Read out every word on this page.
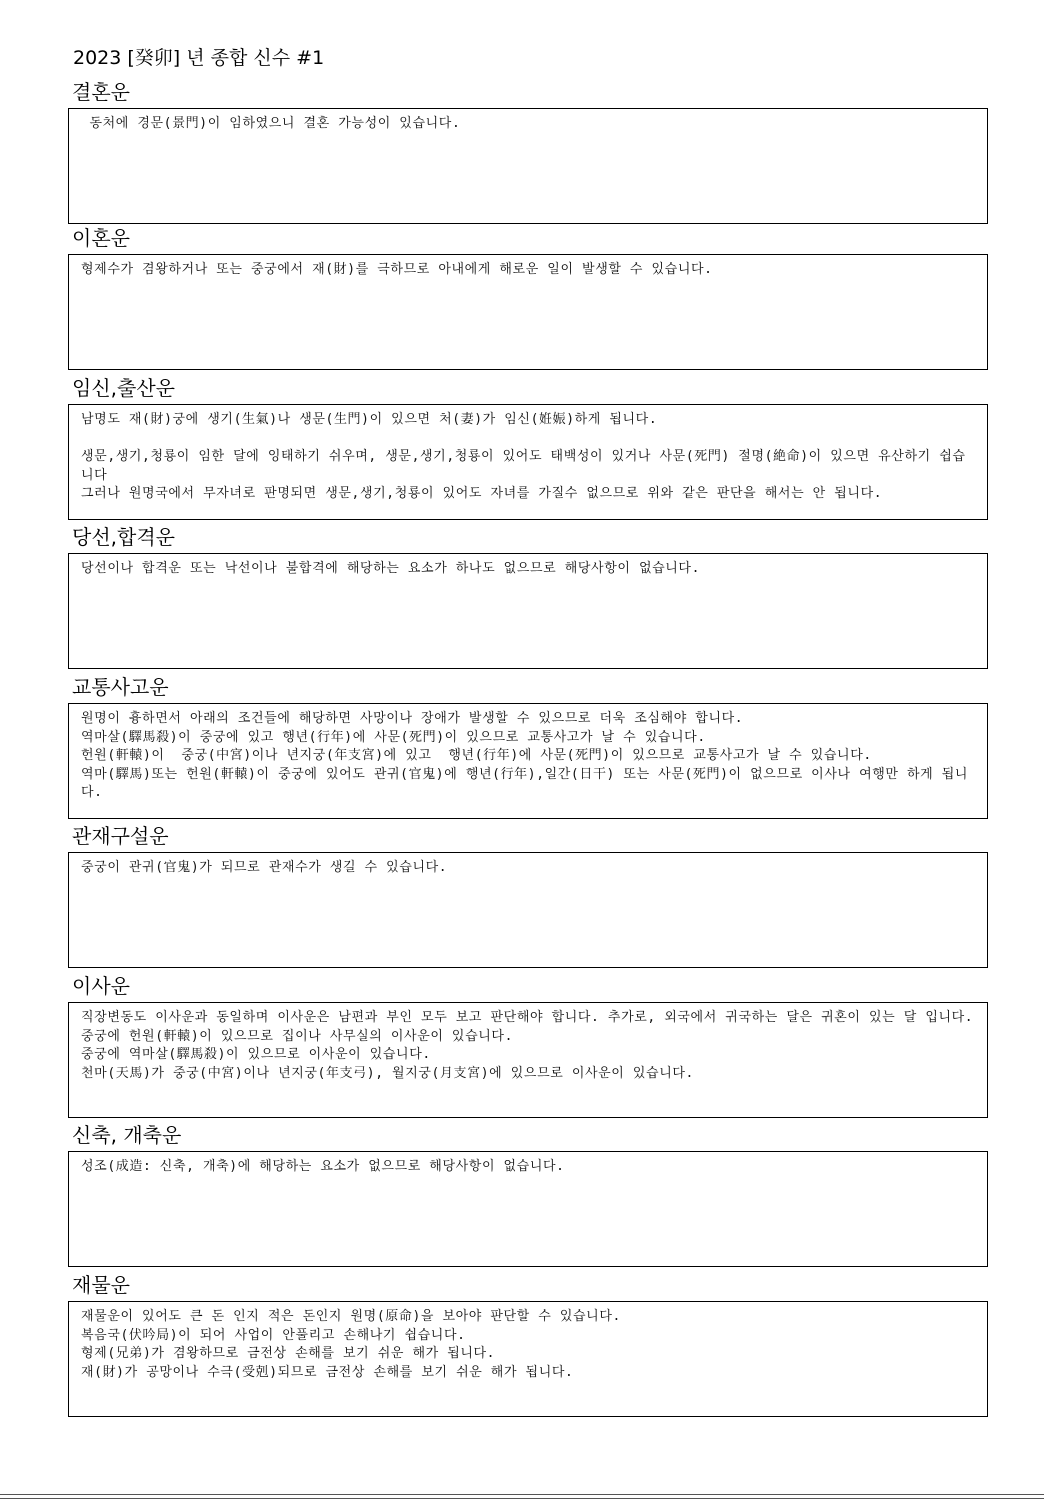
2023 [癸卯] 년 종합 신수 #1
결혼운
동처에 경문(景門)이 임하였으니 결혼 가능성이 있습니다.
이혼운
형제수가 겸왕하거나 또는 중궁에서 재(財)를 극하므로 아내에게 해로운 일이 발생할 수 있습니다.
임신,출산운
남명도 재(財)궁에 생기(生氣)나 생문(生門)이 있으면 처(妻)가 임신(姙娠)하게 됩니다.
생문,생기,청룡이 임한 달에 잉태하기 쉬우며, 생문,생기,청룡이 있어도 태백성이 있거나 사문(死門) 절명(絶命)이 있으면 유산하기 쉽습니다
그러나 원명국에서 무자녀로 판명되면 생문,생기,청룡이 있어도 자녀를 가질수 없으므로 위와 같은 판단을 해서는 안 됩니다.
당선,합격운
당선이나 합격운 또는 낙선이나 불합격에 해당하는 요소가 하나도 없으므로 해당사항이 없습니다.
교통사고운
원명이 흉하면서 아래의 조건들에 해당하면 사망이나 장애가 발생할 수 있으므로 더욱 조심해야 합니다.
역마살(驛馬殺)이 중궁에 있고 행년(行年)에 사문(死門)이 있으므로 교통사고가 날 수 있습니다.
헌원(軒轅)이  중궁(中宮)이나 년지궁(年支宮)에 있고  행년(行年)에 사문(死門)이 있으므로 교통사고가 날 수 있습니다.
역마(驛馬)또는 헌원(軒轅)이 중궁에 있어도 관귀(官鬼)에 행년(行年),일간(日干) 또는 사문(死門)이 없으므로 이사나 여행만 하게 됩니다.
관재구설운
중궁이 관귀(官鬼)가 되므로 관재수가 생길 수 있습니다.
이사운
직장변동도 이사운과 동일하며 이사운은 남편과 부인 모두 보고 판단해야 합니다. 추가로, 외국에서 귀국하는 달은 귀혼이 있는 달 입니다.
중궁에 헌원(軒轅)이 있으므로 집이나 사무실의 이사운이 있습니다.
중궁에 역마살(驛馬殺)이 있으므로 이사운이 있습니다.
천마(天馬)가 중궁(中宮)이나 년지궁(年支弓), 월지궁(月支宮)에 있으므로 이사운이 있습니다.
신축, 개축운
성조(成造: 신축, 개축)에 해당하는 요소가 없으므로 해당사항이 없습니다.
재물운
재물운이 있어도 큰 돈 인지 적은 돈인지 원명(原命)을 보아야 판단할 수 있습니다.
복음국(伏吟局)이 되어 사업이 안풀리고 손해나기 쉽습니다.
형제(兄弟)가 겸왕하므로 금전상 손해를 보기 쉬운 해가 됩니다.
재(財)가 공망이나 수극(受剋)되므로 금전상 손해를 보기 쉬운 해가 됩니다.
